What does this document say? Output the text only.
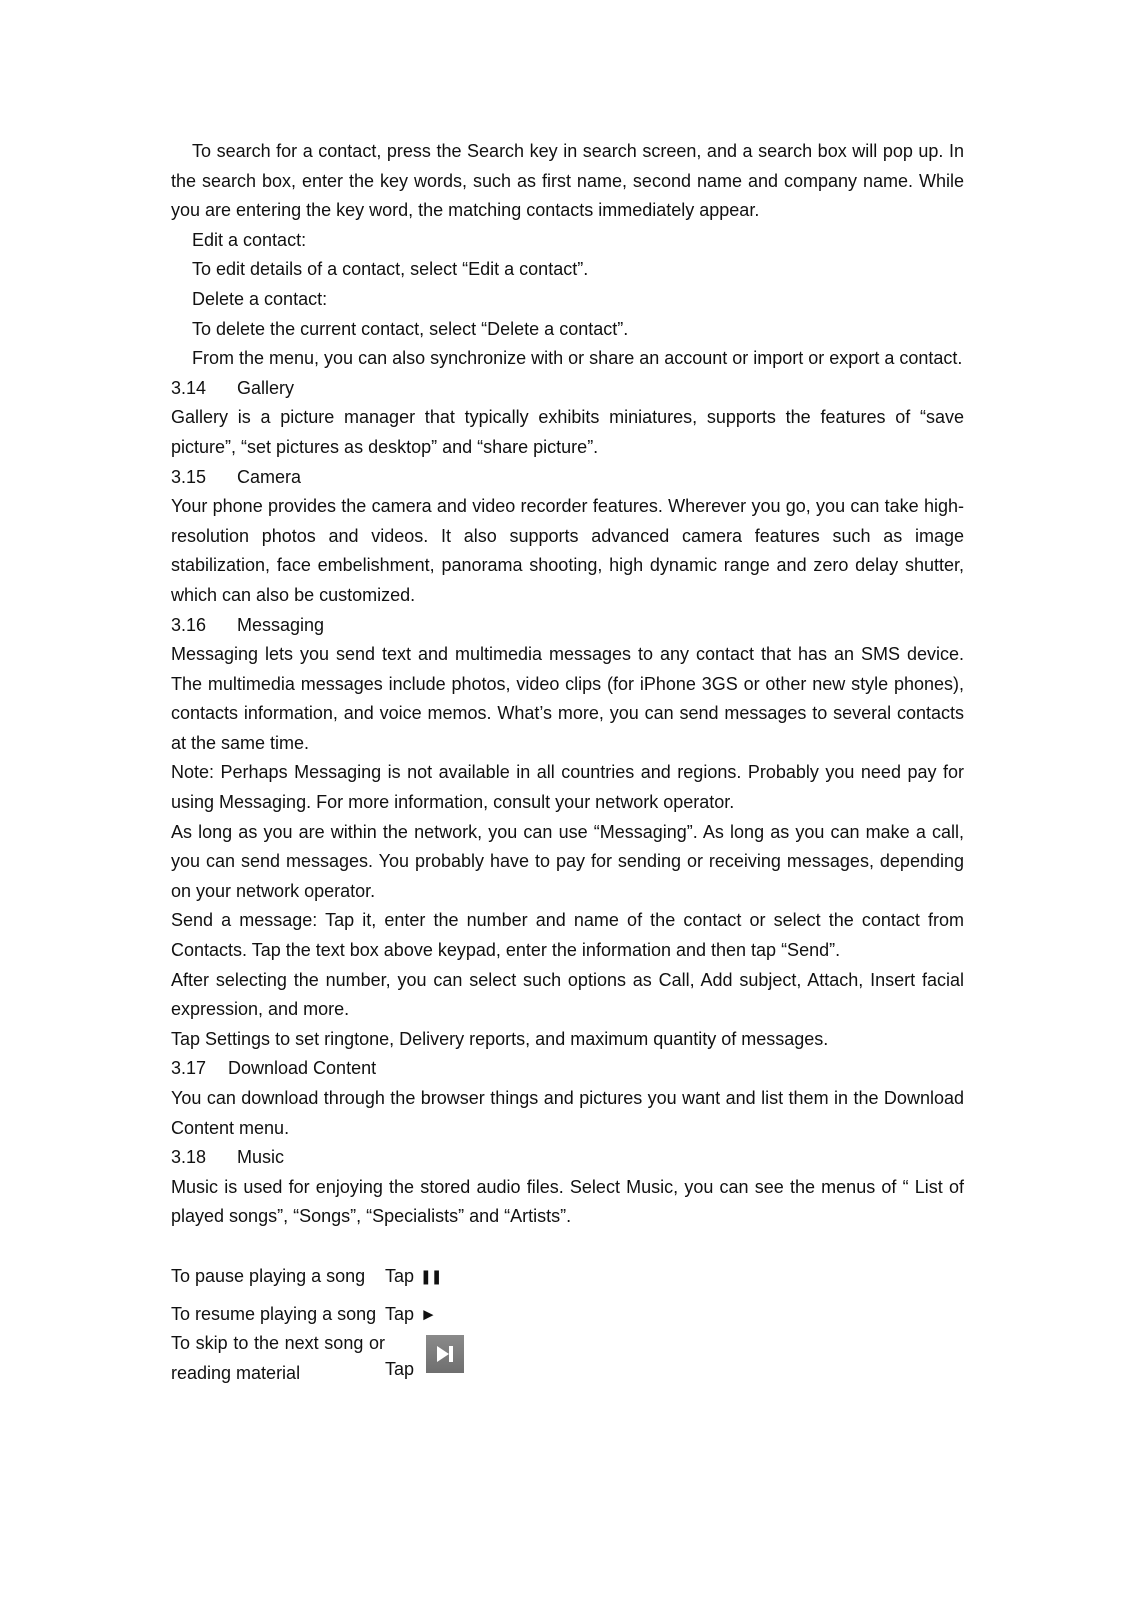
To search for a contact, press the Search key in search screen, and a search box will pop up. In the search box, enter the key words, such as first name, second name and company name. While you are entering the key word, the matching contacts immediately appear.

Edit a contact:

To edit details of a contact, select “Edit a contact”.

Delete a contact:

To delete the current contact, select “Delete a contact”.

From the menu, you can also synchronize with or share an account or import or export a contact.

3.14	Gallery

Gallery is a picture manager that typically exhibits miniatures, supports the features of “save picture”, “set pictures as desktop” and “share picture”.

3.15	Camera

Your phone provides the camera and video recorder features. Wherever you go, you can take high-resolution photos and videos. It also supports advanced camera features such as image stabilization, face embelishment, panorama shooting, high dynamic range and zero delay shutter, which can also be customized.

3.16	Messaging

Messaging lets you send text and multimedia messages to any contact that has an SMS device. The multimedia messages include photos, video clips (for iPhone 3GS or other new style phones), contacts information, and voice memos. What’s more, you can send messages to several contacts at the same time.

Note: Perhaps Messaging is not available in all countries and regions. Probably you need pay for using Messaging. For more information, consult your network operator.

As long as you are within the network, you can use “Messaging”. As long as you can make a call, you can send messages. You probably have to pay for sending or receiving messages, depending on your network operator.

Send a message: Tap it, enter the number and name of the contact or select the contact from Contacts. Tap the text box above keypad, enter the information and then tap “Send”.

After selecting the number, you can select such options as Call, Add subject, Attach, Insert facial expression, and more.

Tap Settings to set ringtone, Delivery reports, and maximum quantity of messages.

3.17	Download Content

You can download through the browser things and pictures you want and list them in the Download Content menu.

3.18	Music

Music is used for enjoying the stored audio files. Select Music, you can see the menus of “ List of played songs”, “Songs”, “Specialists” and “Artists”.

To pause playing a song	Tap ❚❚
To resume playing a song	Tap ►
To skip to the next song or reading material	Tap
